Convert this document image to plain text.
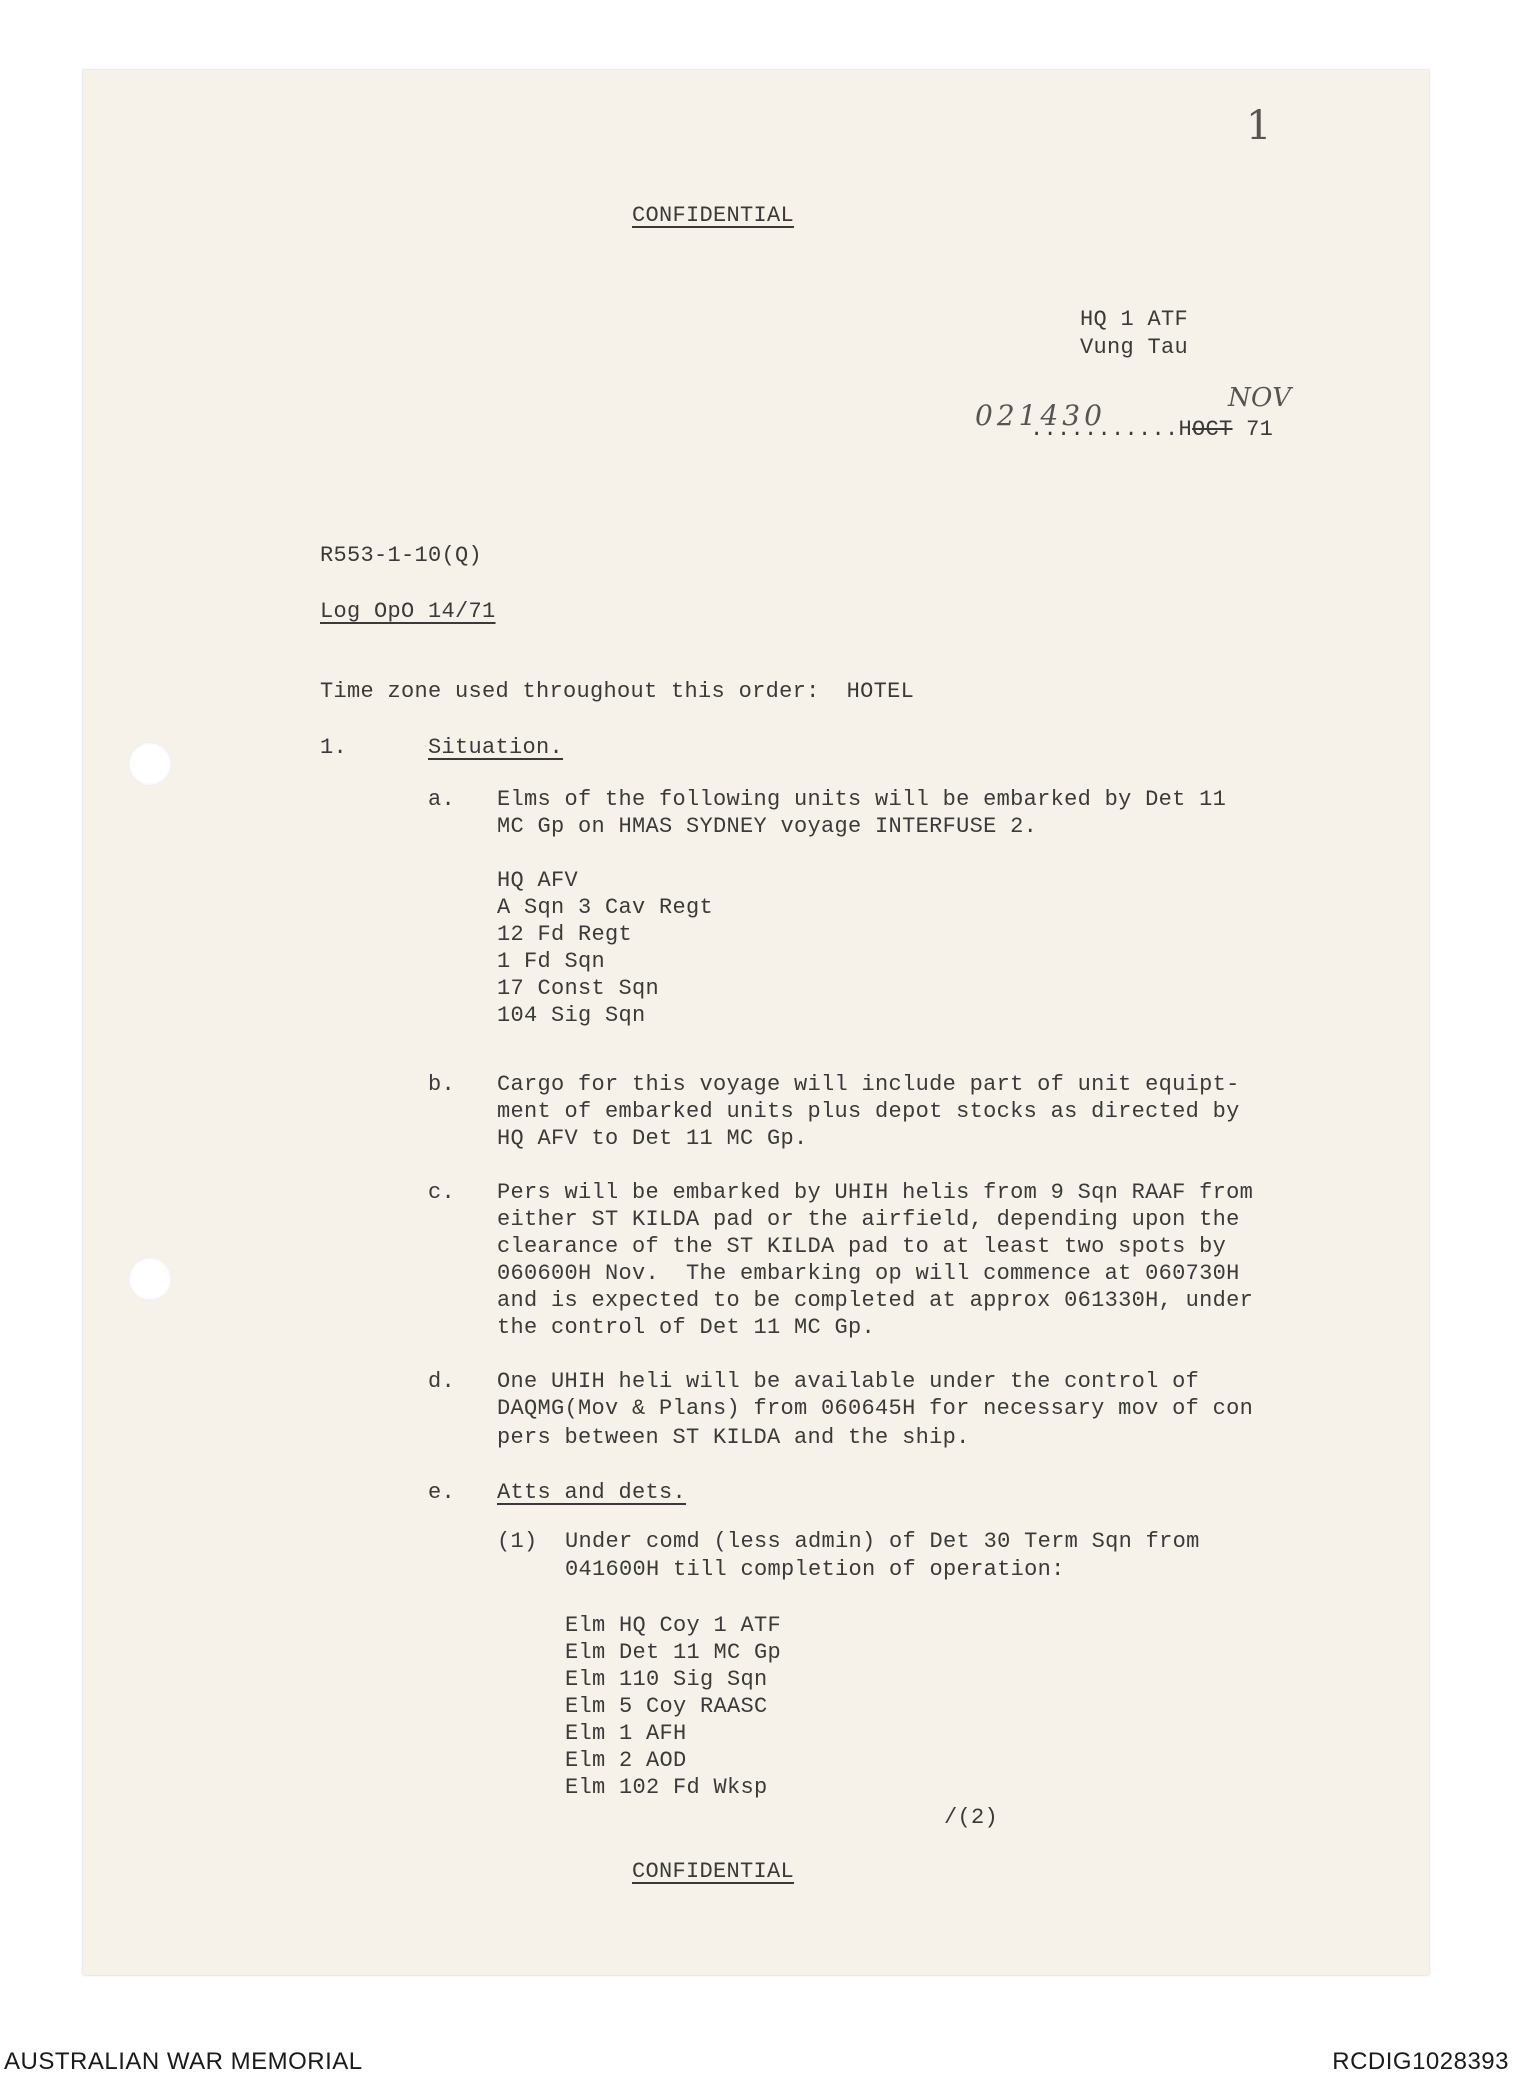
1
CONFIDENTIAL
HQ 1 ATF
Vung Tau
021430
NOV
...........HOCT 71
R553-1-10(Q)
Log OpO 14/71
Time zone used throughout this order:  HOTEL
1.	Situation.
a. Elms of the following units will be embarked by Det 11
MC Gp on HMAS SYDNEY voyage INTERFUSE 2.
HQ AFV
A Sqn 3 Cav Regt
12 Fd Regt
1 Fd Sqn
17 Const Sqn
104 Sig Sqn
b. Cargo for this voyage will include part of unit equipt-
ment of embarked units plus depot stocks as directed by
HQ AFV to Det 11 MC Gp.
c. Pers will be embarked by UHIH helis from 9 Sqn RAAF from
either ST KILDA pad or the airfield, depending upon the
clearance of the ST KILDA pad to at least two spots by
060600H Nov.  The embarking op will commence at 060730H
and is expected to be completed at approx 061330H, under
the control of Det 11 MC Gp.
d. One UHIH heli will be available under the control of
DAQMG(Mov & Plans) from 060645H for necessary mov of con
pers between ST KILDA and the ship.
e. Atts and dets.
(1) Under comd (less admin) of Det 30 Term Sqn from
041600H till completion of operation:
Elm HQ Coy 1 ATF
Elm Det 11 MC Gp
Elm 110 Sig Sqn
Elm 5 Coy RAASC
Elm 1 AFH
Elm 2 AOD
Elm 102 Fd Wksp
/(2)
CONFIDENTIAL
AUSTRALIAN WAR MEMORIAL	RCDIG1028393
